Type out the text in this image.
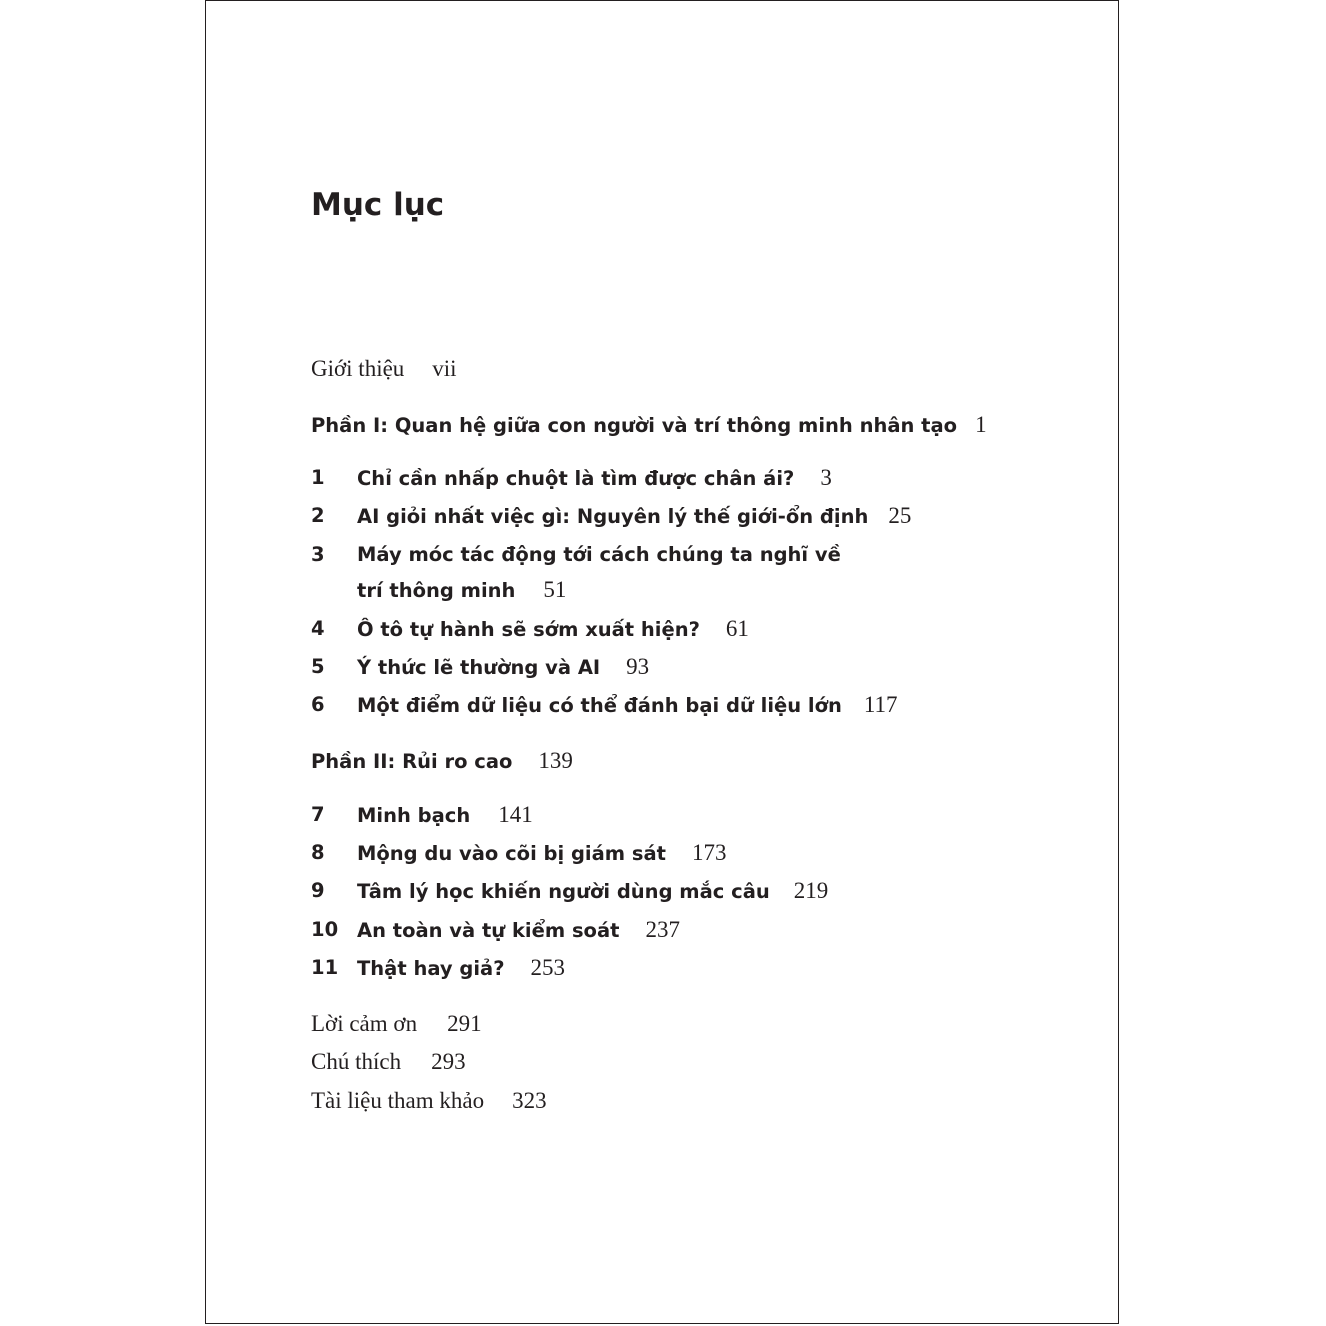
Mục lục
Giới thiệu vii
Phần I: Quan hệ giữa con người và trí thông minh nhân tạo 1
1	Chỉ cần nhấp chuột là tìm được chân ái? 3
2	AI giỏi nhất việc gì: Nguyên lý thế giới-ổn định 25
3	Máy móc tác động tới cách chúng ta nghĩ về
trí thông minh 51
4	Ô tô tự hành sẽ sớm xuất hiện? 61
5	Ý thức lẽ thường và AI 93
6	Một điểm dữ liệu có thể đánh bại dữ liệu lớn 117
Phần II: Rủi ro cao 139
7	Minh bạch 141
8	Mộng du vào cõi bị giám sát 173
9	Tâm lý học khiến người dùng mắc câu 219
10 An toàn và tự kiểm soát 237
11 Thật hay giả? 253
Lời cảm ơn 291
Chú thích 293
Tài liệu tham khảo 323
